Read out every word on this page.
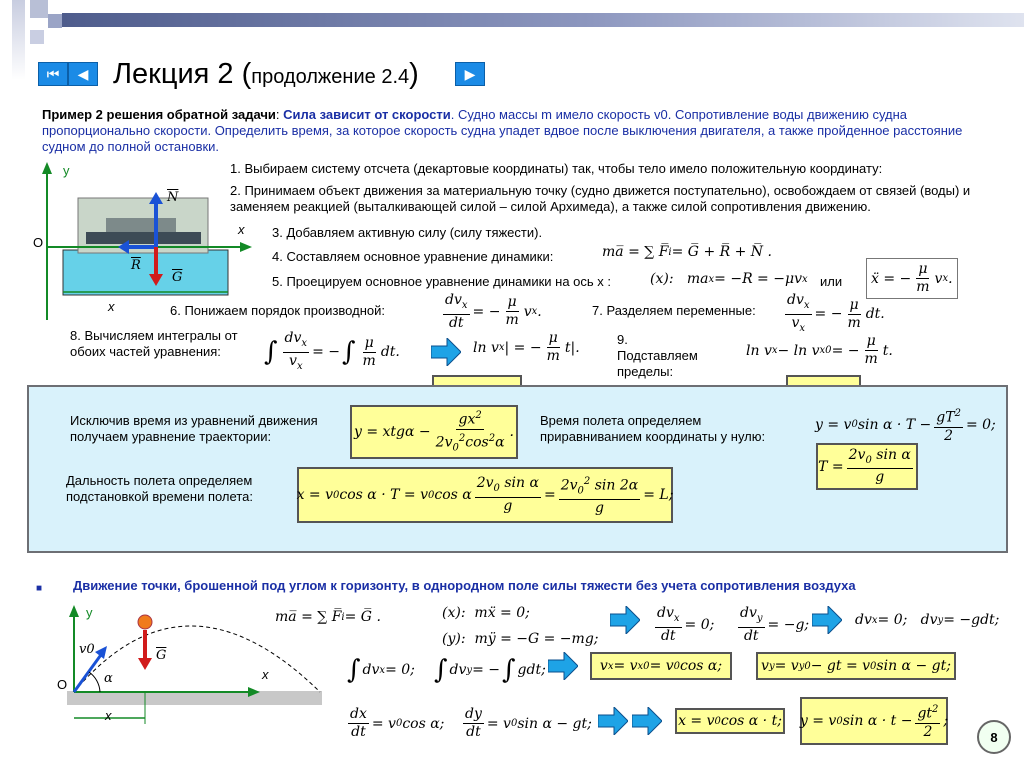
⏮ ◀	▶
Лекция 2 (продолжение 2.4)
Пример 2 решения обратной задачи: Сила зависит от скорости. Судно массы m имело скорость v0. Сопротивление воды движению судна пропорционально скорости. Определить время, за которое скорость судна упадет вдвое после выключения двигателя, а также пройденное расстояние судном до полной остановки.
y
x
O
x
$\overline{N}$
$\overline{R}$
$\overline{G}$
1. Выбираем систему отсчета (декартовые координаты) так, чтобы тело имело положительную координату:
2. Принимаем объект движения за материальную точку (судно движется поступательно), освобождаем от связей (воды) и заменяем реакцией (выталкивающей силой – силой Архимеда), а также силой сопротивления движению.
3. Добавляем активную силу (силу тяжести).
4. Составляем основное уравнение динамики:	ma̅ = ∑ F̅ i = G̅ + R̅ + N̅ .
5. Проецируем основное уравнение динамики на ось x :	(x):   ma x = −R = −μv x или	ẍ = − $\frac{\mu}{m}$ v x .
6. Понижаем порядок производной:	$\frac{dv_x}{dt}$ = − $\frac{\mu}{m}$ v x .	7. Разделяем переменные: $\frac{dv_x}{v_x}$ = − $\frac{\mu}{m}$ dt.
8. Вычисляем интегралы от обоих частей уравнения:	∫ $\frac{dv_x}{v_x}$ = − ∫ $\frac{\mu}{m}$ dt.	ln v x | = − $\frac{\mu}{m} t|$.	9. Подставляем пределы:
ln v x − ln v x0 = − $\frac{\mu}{m} t$.
Исключив время из уравнений движения получаем уравнение траектории:	$y = xtg\alpha - \frac{gx^2}{2v_0^2\cos^2\alpha}$ .
Время полета определяем приравниванием координаты y нулю:
y = v 0 $\sin \alpha \cdot T - \frac{gT^2}{2} = 0$;
$T = \frac{2v_0 \sin \alpha}{g}$
Дальность полета определяем подстановкой времени полета:	x = v 0 cos α · T = v 0 cos α $\frac{2v_0 \sin \alpha}{g} = \frac{2v_0^2 \sin 2\alpha}{g} = L$;
■ Движение точки, брошенной под углом к горизонту, в однородном поле силы тяжести без учета сопротивления воздуха
y
x
O
x
v0
α
$\overline{G}$
ma̅ = ∑ F̅ i = G̅ .	(x):  mẍ = 0;
(y):  mÿ = −G = −mg;	$\frac{dv_x}{dt} = 0$; $\frac{dv_y}{dt} = -g$;	dv x = 0;   dv y = −gdt;
∫ dv x = 0; ∫ dv y = − ∫ gdt;	v x = v x0 = v 0 cos α;	v y = v y0 − gt = v 0 sin α − gt;
$\frac{dx}{dt} = v$ 0 cos α; $\frac{dy}{dt} = v$ 0 sin α − gt;	x = v 0 cos α · t; y = v 0 $\sin \alpha \cdot t - \frac{gt^2}{2}$ ;
8
